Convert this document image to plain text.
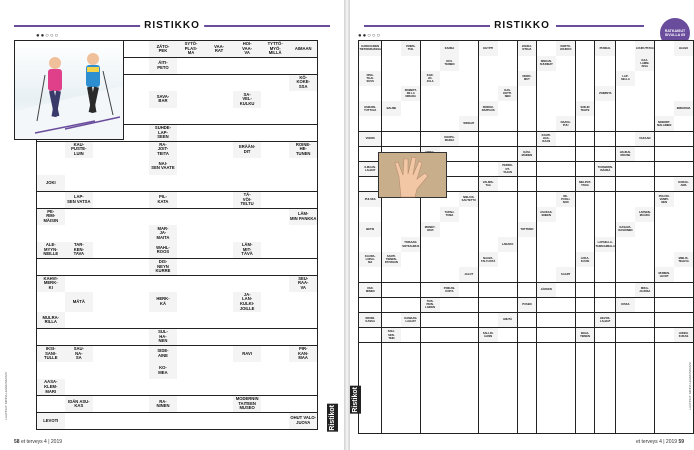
RISTIKKO
●●○○○
ZÄTO-
PEK
SYTÖ-
PLAS-
MA
VAA-
RAT
HOI-
VAA-
VA
TYTTÖ-
MYÖ-
MILLÄ
AIMAAN
ÄITI-
PETO
KÖ-
KOKE-
SSA
SAVA-
BAR
SA-
VEL-
KULKU
SUHDE-
LAP-
SEEN
KAU-
PUSTE-
LUIN
RA-
JOIT-
TEITA
ERÄÄN-
DIT
ROINE-
HE-
TUNEN
NAI-
SEN VAATE
JOKI
LAP-
SEN VATSA
PIL-
KATA
TÄ-
VÖI-
TELTU
PE-
RIM-
MÄISIN
LÄM-
MIN PANKKA
MAR-
JA-
MAITA
ALE-
MYYN-
NEILLE
TAR-
KEN-
TAVA
WAHL-
ROOS
LÄM-
MIT-
TÄVÄ
DIS-
NEYN KURRE
KAHVI-
MERK-
KI
SEU-
RAA-
VA
MÄTÄ	HERK-
KÄ
JA-
LAN-
KULKI-
JOILLE
MULRA-
RILLA
SUL-
HA-
NEN
IKSI-
SANI-
TULLE
SAU-
NA-
SA
SIDE-
AINE	RAVI
PIR-
KAN-
MAA
KO-
MEA
AASA-
KLEM-
MARI
IDÄN ASU-
KAS
RA-
NINEN
MODERNIN TAITEEN MUSEO
LEVOTI	OHUT VALO-
JUOVA
LAATINUT: MINNA LEHMUSKAIVO	Ristikot
58 et terveys 4 | 2019
RISTIKKO
●●○○○
RATKAISUT SIVULLA 65
KARHULINEN TIETOKIRJASSA
VOIMA-
TUIL
KANSA	EGYPTI
JOHDA-
NTOJA
KERTO-
JOUKKO
PUNDAL	LOUKUTTAVA	HAAVA
KIVI-
TEINEN
NISKAN-
SUUNNAT
KAA-
LAMM-
ISSA
NIVA-
TILAI-
SUUS
KAR-
JO-
JULA
NORO-
MUT
LAP-
SELLA
ROBERT-
DE LA NIRADA
KAS-
KOTTI-
NEN
VOIMISTA
ESIKOIS-
TUTTUJA
BALME
PARKKI-
RAPPAUS
SOILIN TEHTE
ERIKOISIA
WRIGHT
NAAVA-
PUU
NOBORT-
MALAINEN
VOIOIS
KOOPA-
MARJA
KOHTI-
HAA-
RAAN
VAKAAN
KÄSI-
MÄINEN
HAUKAI-
MOUSE
ILMAAN-
LAHJAT
PERRO-
OT-
TAJAN
TUOMARIN-
ISÄNSÄ
VALMIS-
TAA
SIELPOT-
TAVIA
KORJA-
AMA
PULSKA
NIELIUS-
SAUTETTU
RE-
PUOLI-
SON
POLVIO-
VAMPI-
NEN
TAPAH-
TUMA
ASUKAS-
ENEEN
LAPSEN-
MÄÄRÄ
BETSI
MONDY-
HOVI
TOTTEMO
KASAVA-
RASOINEN
TOISAAN-
SOTKAHDUS
LARAKO
LAPSELLA-
TAIMAAMELLA
KAURA-
LOISA-
MA
SANTI-
TEINEN-
PATIAVAN
NAAVA-
TALYLISTÄ
LOKA-
KUUSI
MIELIS-
TELEVA
JALOT	SAART
MURIEN-
LEVOT
VAR-
MINEN
POIKAN-
KOITA
JÄKKEN
MIKA-
JAUNSA
TAIS-
PEIN-
LAIDEN
PUSEN	KISSA
KRONI-
KASSA
KAMAAN-
LAHJAT
HIIHTÄ
HEVOS-
LAHJAT
SOLI-
SEN-
TEIN
SALLIO-
HANN
BOJA-
TEINEN
LIIKEN-
KUKAS
LAATINUT: MINNA LEHMUSKAIVO
Ristikot
et terveys 4 | 2019 59
